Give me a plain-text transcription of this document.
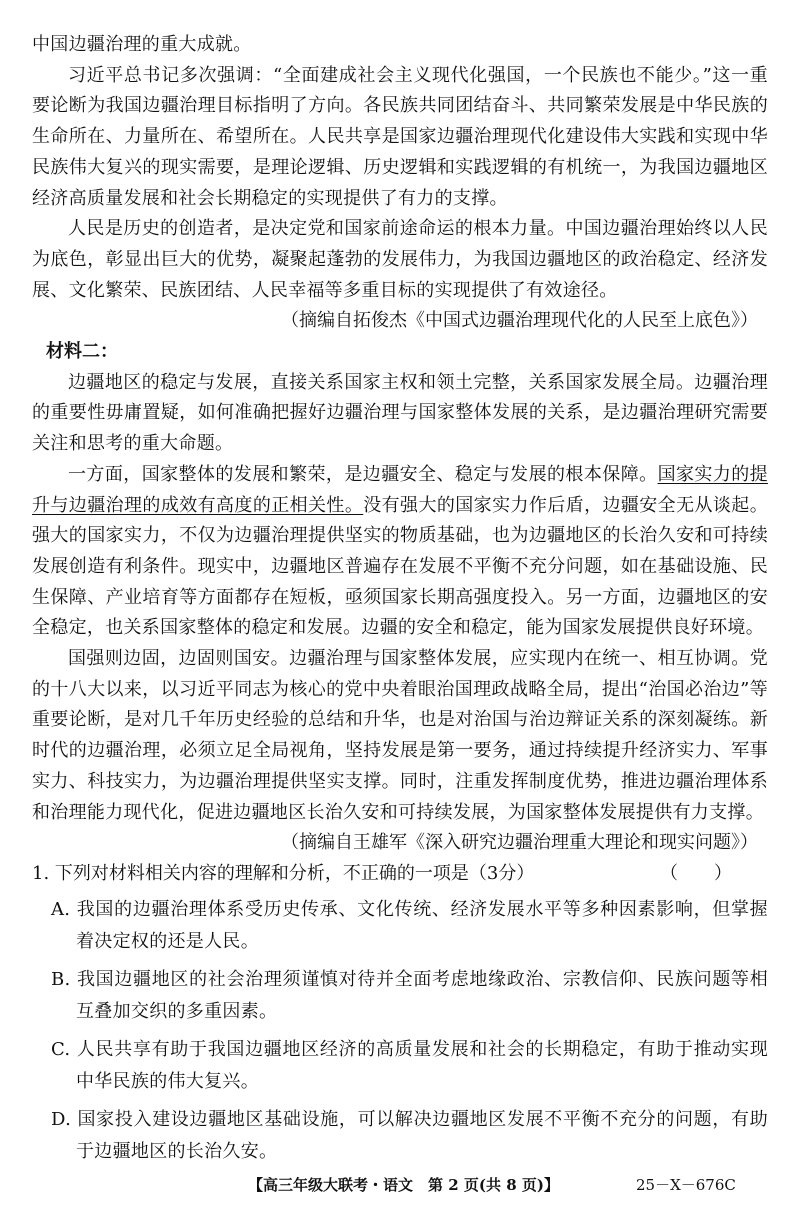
中国边疆治理的重大成就。

习近平总书记多次强调：“全面建成社会主义现代化强国，一个民族也不能少。”这一重要论断为我国边疆治理目标指明了方向。各民族共同团结奋斗、共同繁荣发展是中华民族的生命所在、力量所在、希望所在。人民共享是国家边疆治理现代化建设伟大实践和实现中华民族伟大复兴的现实需要，是理论逻辑、历史逻辑和实践逻辑的有机统一，为我国边疆地区经济高质量发展和社会长期稳定的实现提供了有力的支撑。

人民是历史的创造者，是决定党和国家前途命运的根本力量。中国边疆治理始终以人民为底色，彰显出巨大的优势，凝聚起蓬勃的发展伟力，为我国边疆地区的政治稳定、经济发展、文化繁荣、民族团结、人民幸福等多重目标的实现提供了有效途径。

（摘编自拓俊杰《中国式边疆治理现代化的人民至上底色》）

材料二：

边疆地区的稳定与发展，直接关系国家主权和领土完整，关系国家发展全局。边疆治理的重要性毋庸置疑，如何准确把握好边疆治理与国家整体发展的关系，是边疆治理研究需要关注和思考的重大命题。

一方面，国家整体的发展和繁荣，是边疆安全、稳定与发展的根本保障。国家实力的提升与边疆治理的成效有高度的正相关性。没有强大的国家实力作后盾，边疆安全无从谈起。强大的国家实力，不仅为边疆治理提供坚实的物质基础，也为边疆地区的长治久安和可持续发展创造有利条件。现实中，边疆地区普遍存在发展不平衡不充分问题，如在基础设施、民生保障、产业培育等方面都存在短板，亟须国家长期高强度投入。另一方面，边疆地区的安全稳定，也关系国家整体的稳定和发展。边疆的安全和稳定，能为国家发展提供良好环境。

国强则边固，边固则国安。边疆治理与国家整体发展，应实现内在统一、相互协调。党的十八大以来，以习近平同志为核心的党中央着眼治国理政战略全局，提出“治国必治边”等重要论断，是对几千年历史经验的总结和升华，也是对治国与治边辩证关系的深刻凝练。新时代的边疆治理，必须立足全局视角，坚持发展是第一要务，通过持续提升经济实力、军事实力、科技实力，为边疆治理提供坚实支撑。同时，注重发挥制度优势，推进边疆治理体系和治理能力现代化，促进边疆地区长治久安和可持续发展，为国家整体发展提供有力支撑。

（摘编自王雄军《深入研究边疆治理重大理论和现实问题》）

1. 下列对材料相关内容的理解和分析，不正确的一项是（3分）	（　　）

A. 我国的边疆治理体系受历史传承、文化传统、经济发展水平等多种因素影响，但掌握着决定权的还是人民。

B. 我国边疆地区的社会治理须谨慎对待并全面考虑地缘政治、宗教信仰、民族问题等相互叠加交织的多重因素。

C. 人民共享有助于我国边疆地区经济的高质量发展和社会的长期稳定，有助于推动实现中华民族的伟大复兴。

D. 国家投入建设边疆地区基础设施，可以解决边疆地区发展不平衡不充分的问题，有助于边疆地区的长治久安。

【高三年级大联考・语文　第 2 页(共 8 页)】	25－X－676C
